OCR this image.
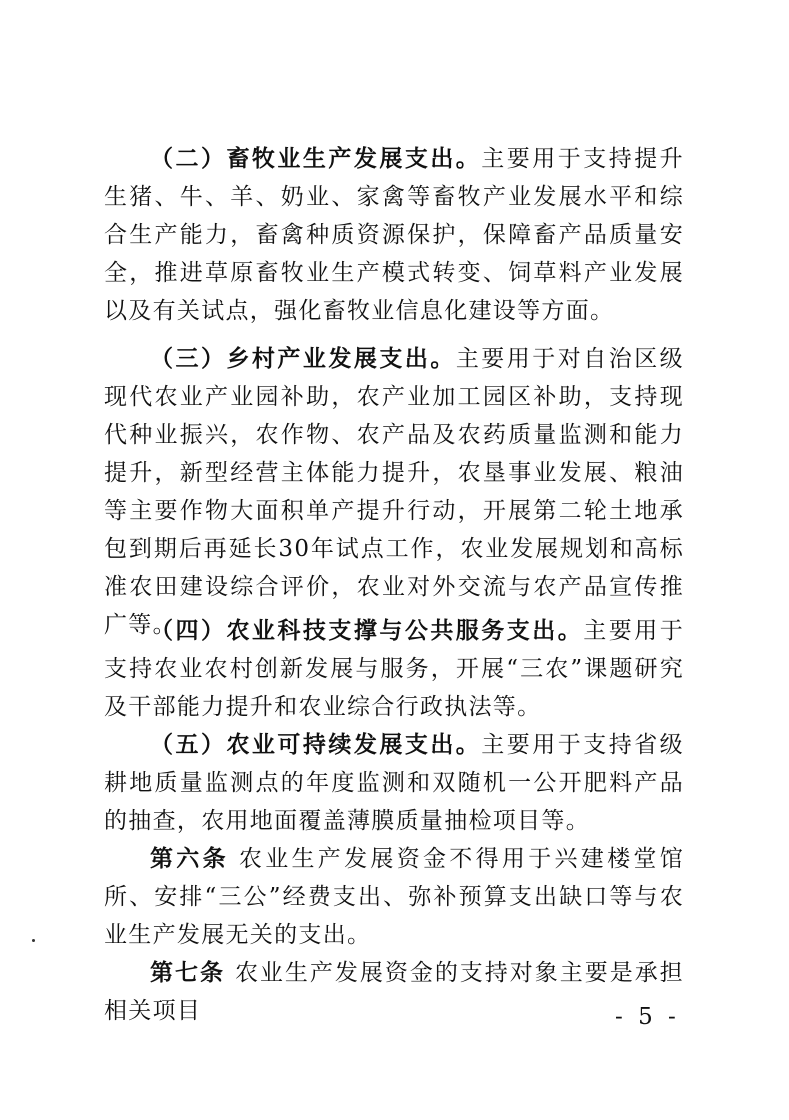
（二）畜牧业生产发展支出。主要用于支持提升生猪、牛、羊、奶业、家禽等畜牧产业发展水平和综合生产能力，畜禽种质资源保护，保障畜产品质量安全，推进草原畜牧业生产模式转变、饲草料产业发展以及有关试点，强化畜牧业信息化建设等方面。

（三）乡村产业发展支出。主要用于对自治区级现代农业产业园补助，农产业加工园区补助，支持现代种业振兴，农作物、农产品及农药质量监测和能力提升，新型经营主体能力提升，农垦事业发展、粮油等主要作物大面积单产提升行动，开展第二轮土地承包到期后再延长30年试点工作，农业发展规划和高标准农田建设综合评价，农业对外交流与农产品宣传推广等。

（四）农业科技支撑与公共服务支出。主要用于支持农业农村创新发展与服务，开展“三农”课题研究及干部能力提升和农业综合行政执法等。

（五）农业可持续发展支出。主要用于支持省级耕地质量监测点的年度监测和双随机一公开肥料产品的抽查，农用地面覆盖薄膜质量抽检项目等。

第六条 农业生产发展资金不得用于兴建楼堂馆所、安排“三公”经费支出、弥补预算支出缺口等与农业生产发展无关的支出。

第七条 农业生产发展资金的支持对象主要是承担相关项目	- 5 -
